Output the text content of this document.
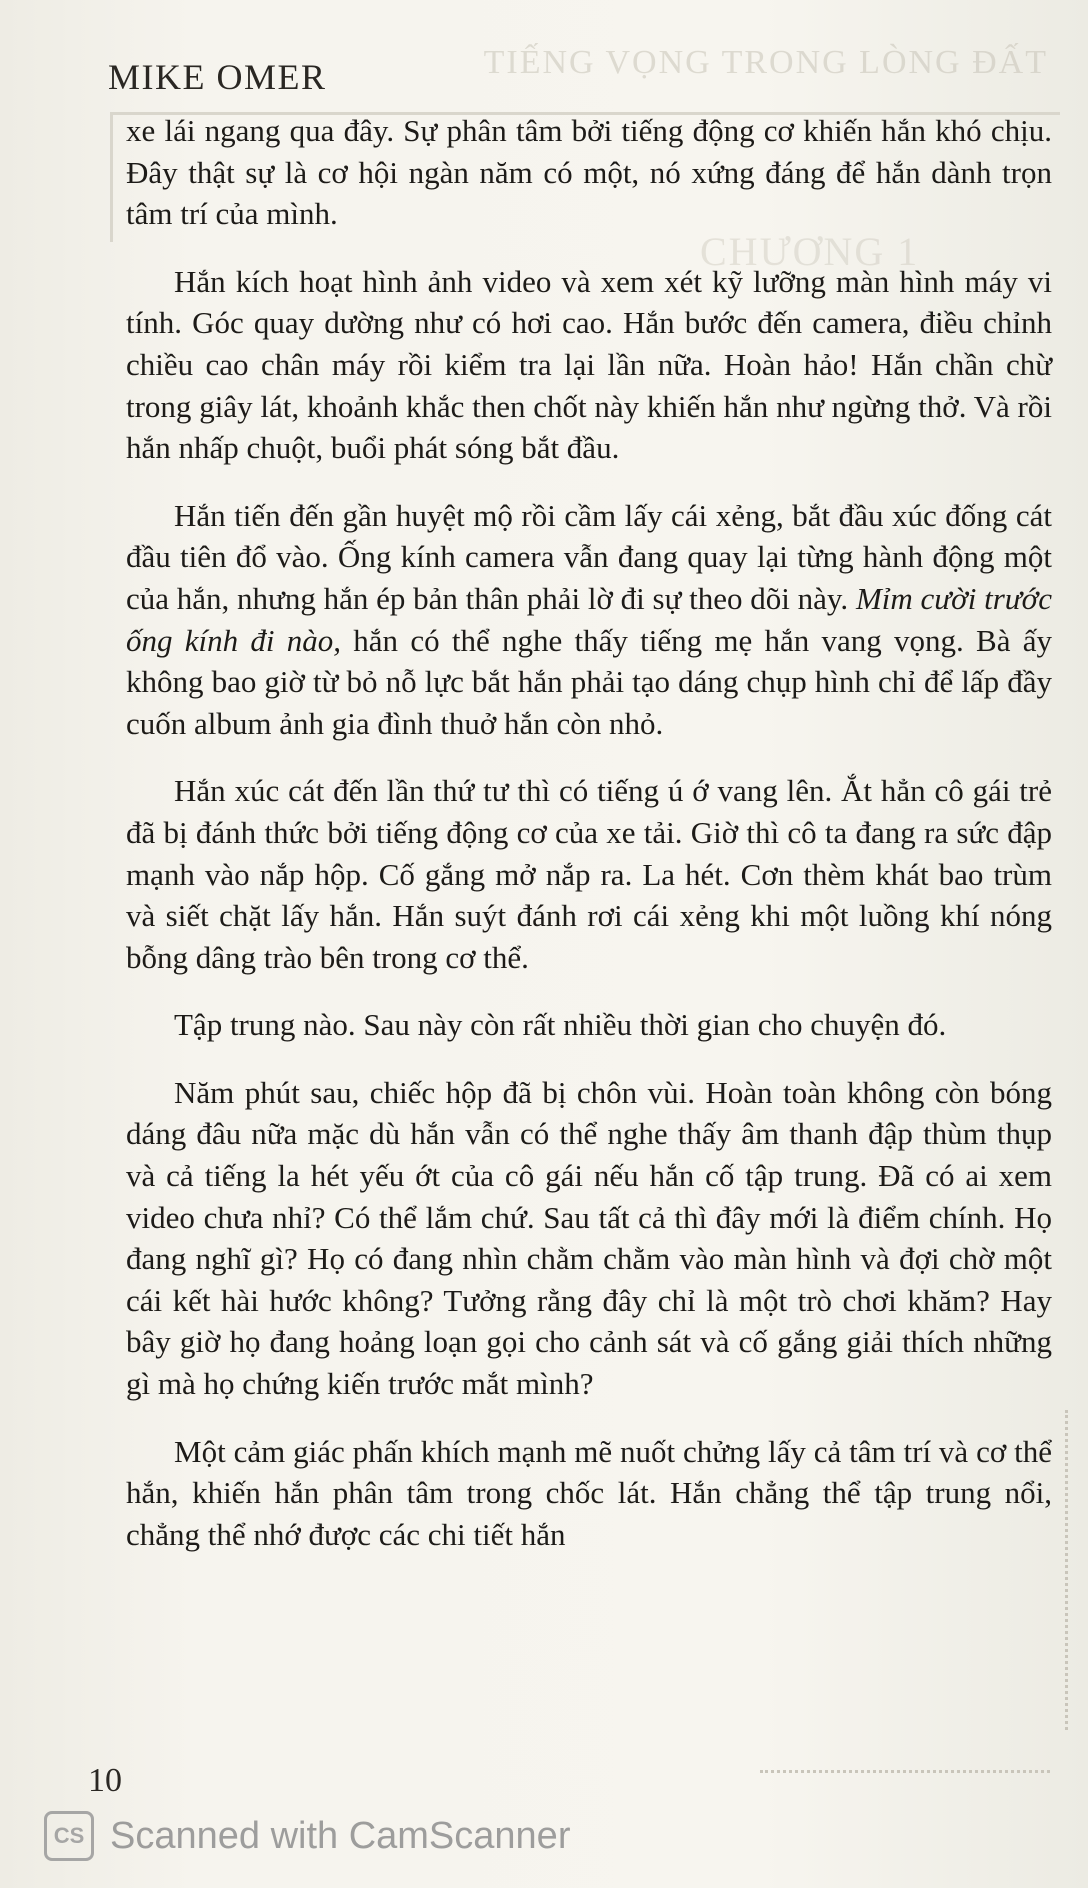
TIẾNG VỌNG TRONG LÒNG ĐẤT
CHƯƠNG 1
MIKE OMER

xe lái ngang qua đây. Sự phân tâm bởi tiếng động cơ khiến hắn khó chịu. Đây thật sự là cơ hội ngàn năm có một, nó xứng đáng để hắn dành trọn tâm trí của mình.

Hắn kích hoạt hình ảnh video và xem xét kỹ lưỡng màn hình máy vi tính. Góc quay dường như có hơi cao. Hắn bước đến camera, điều chỉnh chiều cao chân máy rồi kiểm tra lại lần nữa. Hoàn hảo! Hắn chần chừ trong giây lát, khoảnh khắc then chốt này khiến hắn như ngừng thở. Và rồi hắn nhấp chuột, buổi phát sóng bắt đầu.

Hắn tiến đến gần huyệt mộ rồi cầm lấy cái xẻng, bắt đầu xúc đống cát đầu tiên đổ vào. Ống kính camera vẫn đang quay lại từng hành động một của hắn, nhưng hắn ép bản thân phải lờ đi sự theo dõi này. Mỉm cười trước ống kính đi nào, hắn có thể nghe thấy tiếng mẹ hắn vang vọng. Bà ấy không bao giờ từ bỏ nỗ lực bắt hắn phải tạo dáng chụp hình chỉ để lấp đầy cuốn album ảnh gia đình thuở hắn còn nhỏ.

Hắn xúc cát đến lần thứ tư thì có tiếng ú ớ vang lên. Ắt hẳn cô gái trẻ đã bị đánh thức bởi tiếng động cơ của xe tải. Giờ thì cô ta đang ra sức đập mạnh vào nắp hộp. Cố gắng mở nắp ra. La hét. Cơn thèm khát bao trùm và siết chặt lấy hắn. Hắn suýt đánh rơi cái xẻng khi một luồng khí nóng bỗng dâng trào bên trong cơ thể.

Tập trung nào. Sau này còn rất nhiều thời gian cho chuyện đó.

Năm phút sau, chiếc hộp đã bị chôn vùi. Hoàn toàn không còn bóng dáng đâu nữa mặc dù hắn vẫn có thể nghe thấy âm thanh đập thùm thụp và cả tiếng la hét yếu ớt của cô gái nếu hắn cố tập trung. Đã có ai xem video chưa nhỉ? Có thể lắm chứ. Sau tất cả thì đây mới là điểm chính. Họ đang nghĩ gì? Họ có đang nhìn chằm chằm vào màn hình và đợi chờ một cái kết hài hước không? Tưởng rằng đây chỉ là một trò chơi khăm? Hay bây giờ họ đang hoảng loạn gọi cho cảnh sát và cố gắng giải thích những gì mà họ chứng kiến trước mắt mình?

Một cảm giác phấn khích mạnh mẽ nuốt chửng lấy cả tâm trí và cơ thể hắn, khiến hắn phân tâm trong chốc lát. Hắn chẳng thể tập trung nổi, chẳng thể nhớ được các chi tiết hắn

10
CS Scanned with CamScanner
